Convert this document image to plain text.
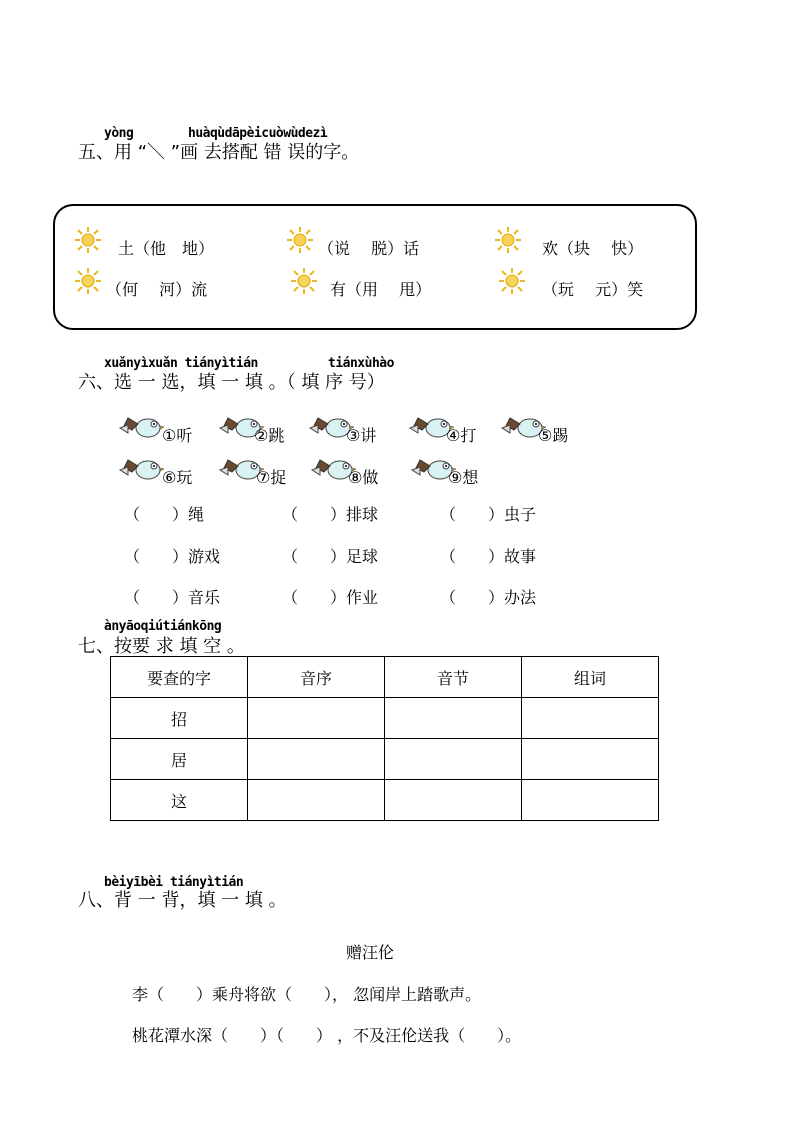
yòng	huàqùdāpèicuòwùdezì
五、用 “＼ ”画 去搭配 错 误的字。
土（他　地）	（说　 脱）话	欢（块　 快）
（何　 河）流	有（用　 甩）	（玩　 元）笑
xuǎnyìxuǎn tiányìtián	tiánxùhào
六、选 一 选，填 一 填 。（ 填 序 号）
①听	②跳	③讲	④打	⑤踢
⑥玩	⑦捉	⑧做	⑨想
（　　）绳	（　　）排球	（　　）虫子
（　　）游戏	（　　）足球	（　　）故事
（　　）音乐	（　　）作业	（　　）办法
ànyāoqiútiánkōng
七、按要 求 填 空 。
要查的字	音序	音节	组词
招			
居			
这			
bèiyībèi tiányìtián
八、背 一 背，填 一 填 。
赠汪伦
李（　　）乘舟将欲（　　）， 忽闻岸上踏歌声。
桃花潭水深（　　）（　　） ，不及汪伦送我（　　）。
